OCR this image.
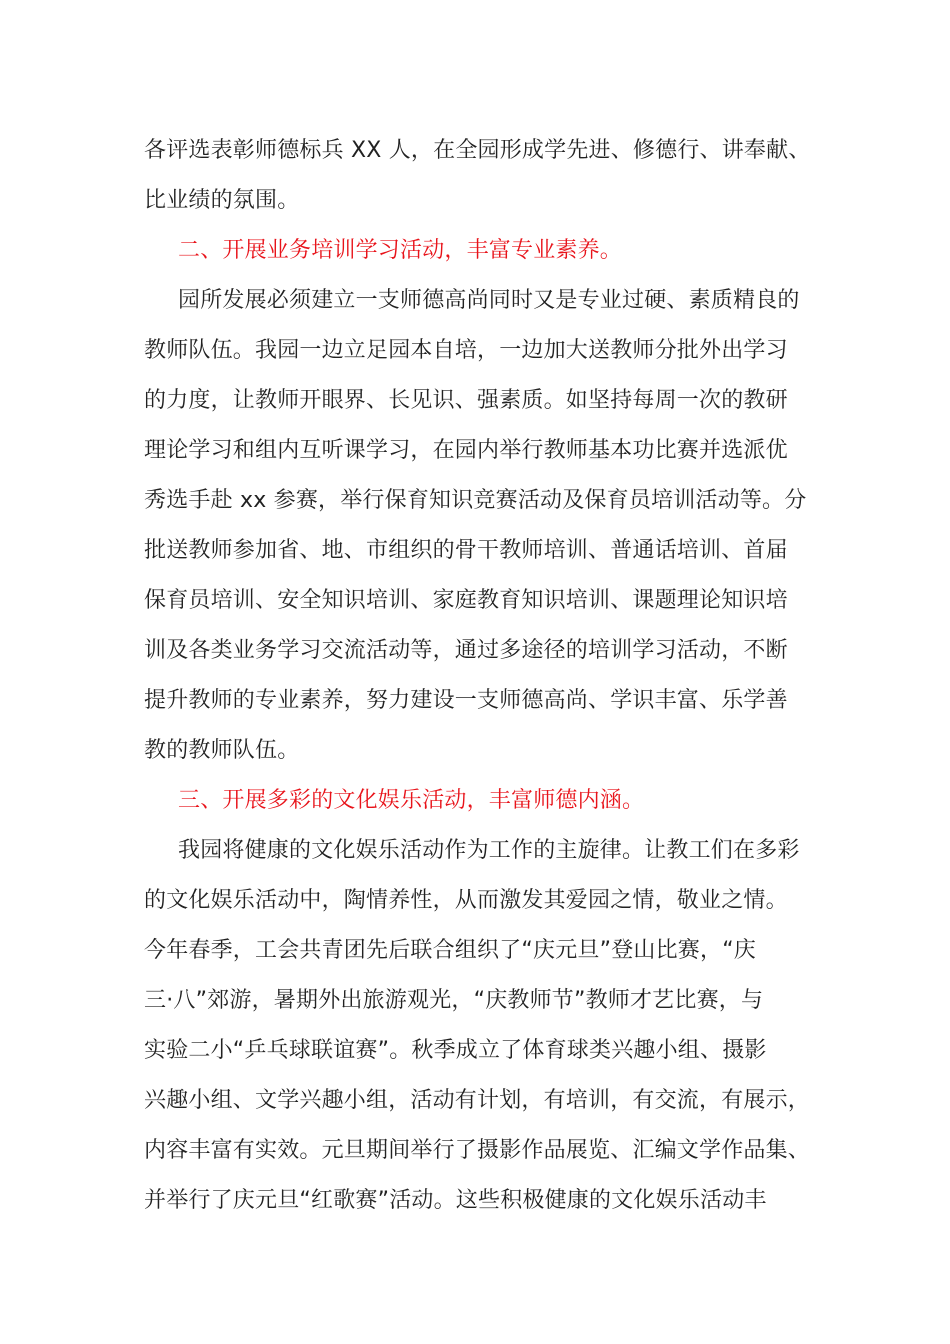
各评选表彰师德标兵 XX 人，在全园形成学先进、修德行、讲奉献、
比业绩的氛围。
二、开展业务培训学习活动，丰富专业素养。
园所发展必须建立一支师德高尚同时又是专业过硬、素质精良的
教师队伍。我园一边立足园本自培，一边加大送教师分批外出学习
的力度，让教师开眼界、长见识、强素质。如坚持每周一次的教研
理论学习和组内互听课学习，在园内举行教师基本功比赛并选派优
秀选手赴 xx 参赛，举行保育知识竞赛活动及保育员培训活动等。分
批送教师参加省、地、市组织的骨干教师培训、普通话培训、首届
保育员培训、安全知识培训、家庭教育知识培训、课题理论知识培
训及各类业务学习交流活动等，通过多途径的培训学习活动，不断
提升教师的专业素养，努力建设一支师德高尚、学识丰富、乐学善
教的教师队伍。
三、开展多彩的文化娱乐活动，丰富师德内涵。
我园将健康的文化娱乐活动作为工作的主旋律。让教工们在多彩
的文化娱乐活动中，陶情养性，从而激发其爱园之情，敬业之情。
今年春季，工会共青团先后联合组织了“庆元旦”登山比赛，“庆
三·八”郊游，暑期外出旅游观光，“庆教师节”教师才艺比赛，与
实验二小“乒乓球联谊赛”。秋季成立了体育球类兴趣小组、摄影
兴趣小组、文学兴趣小组，活动有计划，有培训，有交流，有展示，
内容丰富有实效。元旦期间举行了摄影作品展览、汇编文学作品集、
并举行了庆元旦“红歌赛”活动。这些积极健康的文化娱乐活动丰
